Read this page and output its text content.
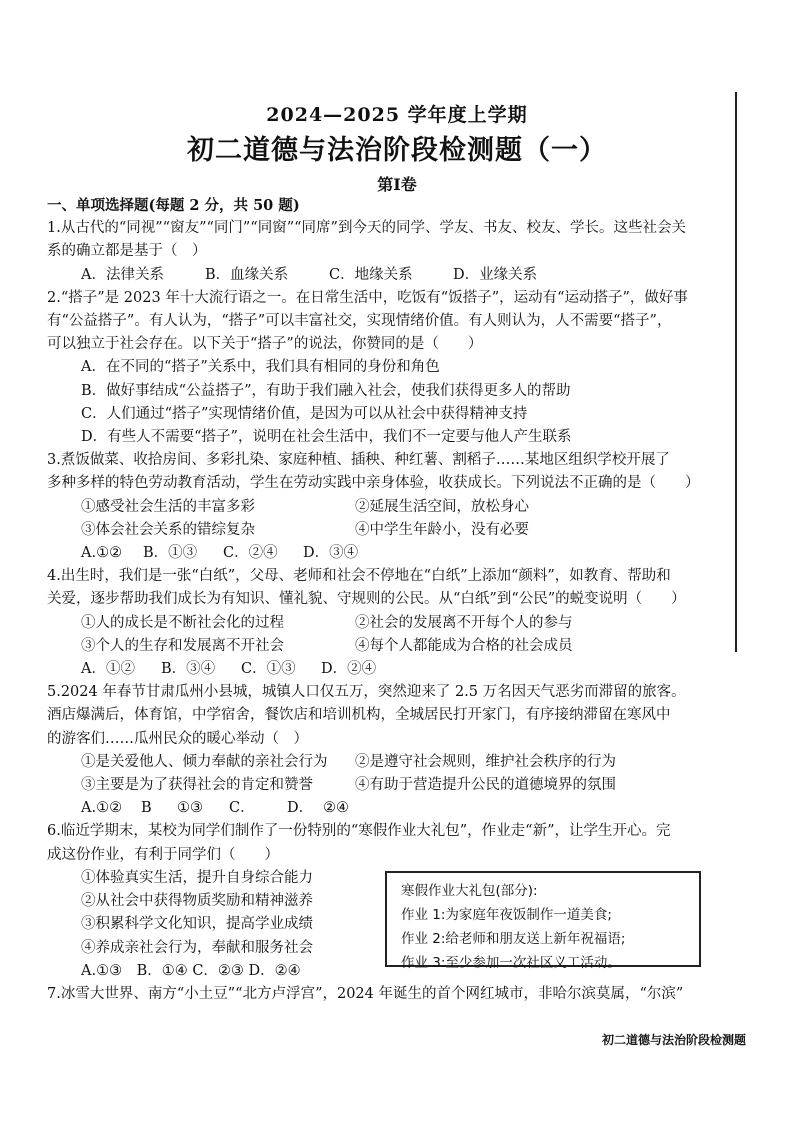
2024—2025 学年度上学期
初二道德与法治阶段检测题（一）
第Ⅰ卷

一、单项选择题(每题 2 分，共 50 题)

1.从古代的“同视”“窗友”“同门”“同窗”“同席”到今天的同学、学友、书友、校友、学长。这些社会关

系的确立都是基于（　）

A．法律关系	B．血缘关系	C．地缘关系	D．业缘关系

2.“搭子”是 2023 年十大流行语之一。在日常生活中，吃饭有“饭搭子”，运动有“运动搭子”，做好事

有“公益搭子”。有人认为，“搭子”可以丰富社交，实现情绪价值。有人则认为，人不需要“搭子”，

可以独立于社会存在。以下关于“搭子”的说法，你赞同的是（　　）

A．在不同的“搭子”关系中，我们具有相同的身份和角色

B．做好事结成“公益搭子”，有助于我们融入社会，使我们获得更多人的帮助

C．人们通过“搭子”实现情绪价值，是因为可以从社会中获得精神支持

D．有些人不需要“搭子”，说明在社会生活中，我们不一定要与他人产生联系

3.煮饭做菜、收拾房间、多彩扎染、家庭种植、插秧、种红薯、割稻子……某地区组织学校开展了

多种多样的特色劳动教育活动，学生在劳动实践中亲身体验，收获成长。下列说法不正确的是（　　）

①感受社会生活的丰富多彩	②延展生活空间，放松身心

③体会社会关系的错综复杂	④中学生年龄小，没有必要

A.①②	B．①③	C．②④	D．③④

4.出生时，我们是一张“白纸”，父母、老师和社会不停地在“白纸”上添加“颜料”，如教育、帮助和

关爱，逐步帮助我们成长为有知识、懂礼貌、守规则的公民。从“白纸”到“公民”的蜕变说明（　　）

①人的成长是不断社会化的过程	②社会的发展离不开每个人的参与

③个人的生存和发展离不开社会	④每个人都能成为合格的社会成员

A．①②	B．③④	C．①③	D．②④

5.2024 年春节甘肃瓜州小县城，城镇人口仅五万，突然迎来了 2.5 万名因天气恶劣而滞留的旅客。

酒店爆满后，体育馆，中学宿舍，餐饮店和培训机构，全城居民打开家门，有序接纳滞留在寒风中

的游客们……瓜州民众的暖心举动（　）

①是关爱他人、倾力奉献的亲社会行为	②是遵守社会规则，维护社会秩序的行为

③主要是为了获得社会的肯定和赞誉	④有助于营造提升公民的道德境界的氛围

A.①②	B	①③	C．	D． ②④

6.临近学期末，某校为同学们制作了一份特别的“寒假作业大礼包”，作业走“新”，让学生开心。完

成这份作业，有利于同学们（　　）

①体验真实生活，提升自身综合能力

②从社会中获得物质奖励和精神滋养

③积累科学文化知识，提高学业成绩

④养成亲社会行为，奉献和服务社会

A.①③　B．①④ C．②③ D．②④

寒假作业大礼包(部分):
作业 1:为家庭年夜饭制作一道美食;
作业 2:给老师和朋友送上新年祝福语;
作业 3:至少参加一次社区义工活动。

7.冰雪大世界、南方“小土豆”“北方卢浮宫”，2024 年诞生的首个网红城市，非哈尔滨莫属，“尔滨”

初二道德与法治阶段检测题
